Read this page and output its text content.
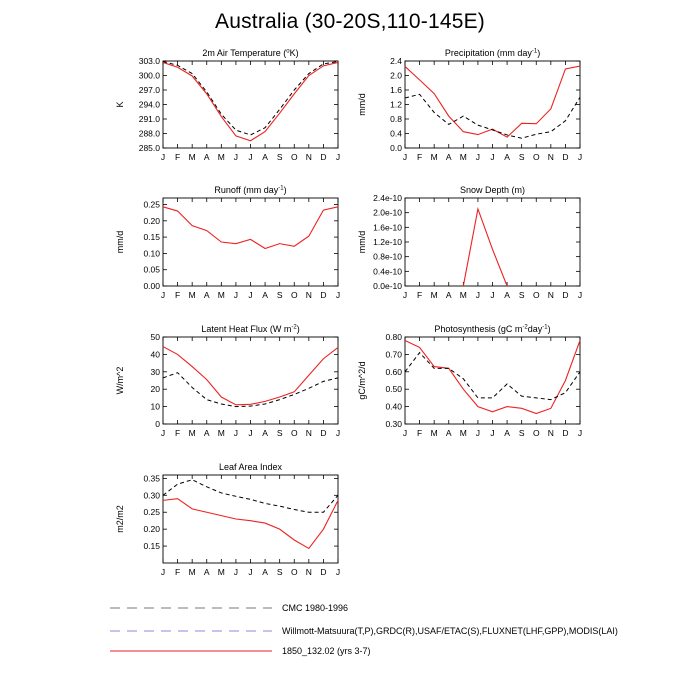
Australia (30-20S,110-145E)
2m Air Temperature ($^o$K)
K
285.0
288.0
291.0
294.0
297.0
300.0
303.0
J F M A M J J A S O N D J
Precipitation (mm day$^{-1}$)
mm/d
0.0
0.4
0.8
1.2
1.6
2.0
2.4
J F M A M J J A S O N D J
Runoff (mm day$^{-1}$)
mm/d
0.00
0.05
0.10
0.15
0.20
0.25
J F M A M J J A S O N D J
Snow Depth (m)
mm/d
0.0e-10
0.4e-10
0.8e-10
1.2e-10
1.6e-10
2.0e-10
2.4e-10
J F M A M J J A S O N D J
Latent Heat Flux (W $m^{-2}$)
W/m^2
0
10
20
30
40
50
J F M A M J J A S O N D J
Photosynthesis (gC $m^{-2}day^{-1}$)
gC/m^2/d
0.30
0.40
0.50
0.60
0.70
0.80
J F M A M J J A S O N D J
Leaf Area Index
m2/m2
0.15
0.20
0.25
0.30
0.35
J F M A M J J A S O N D J
CMC 1980-1996
Willmott-Matsuura(T,P),GRDC(R),USAF/ETAC(S),FLUXNET(LHF,GPP),MODIS(LAI)
1850_132.02 (yrs 3-7)
